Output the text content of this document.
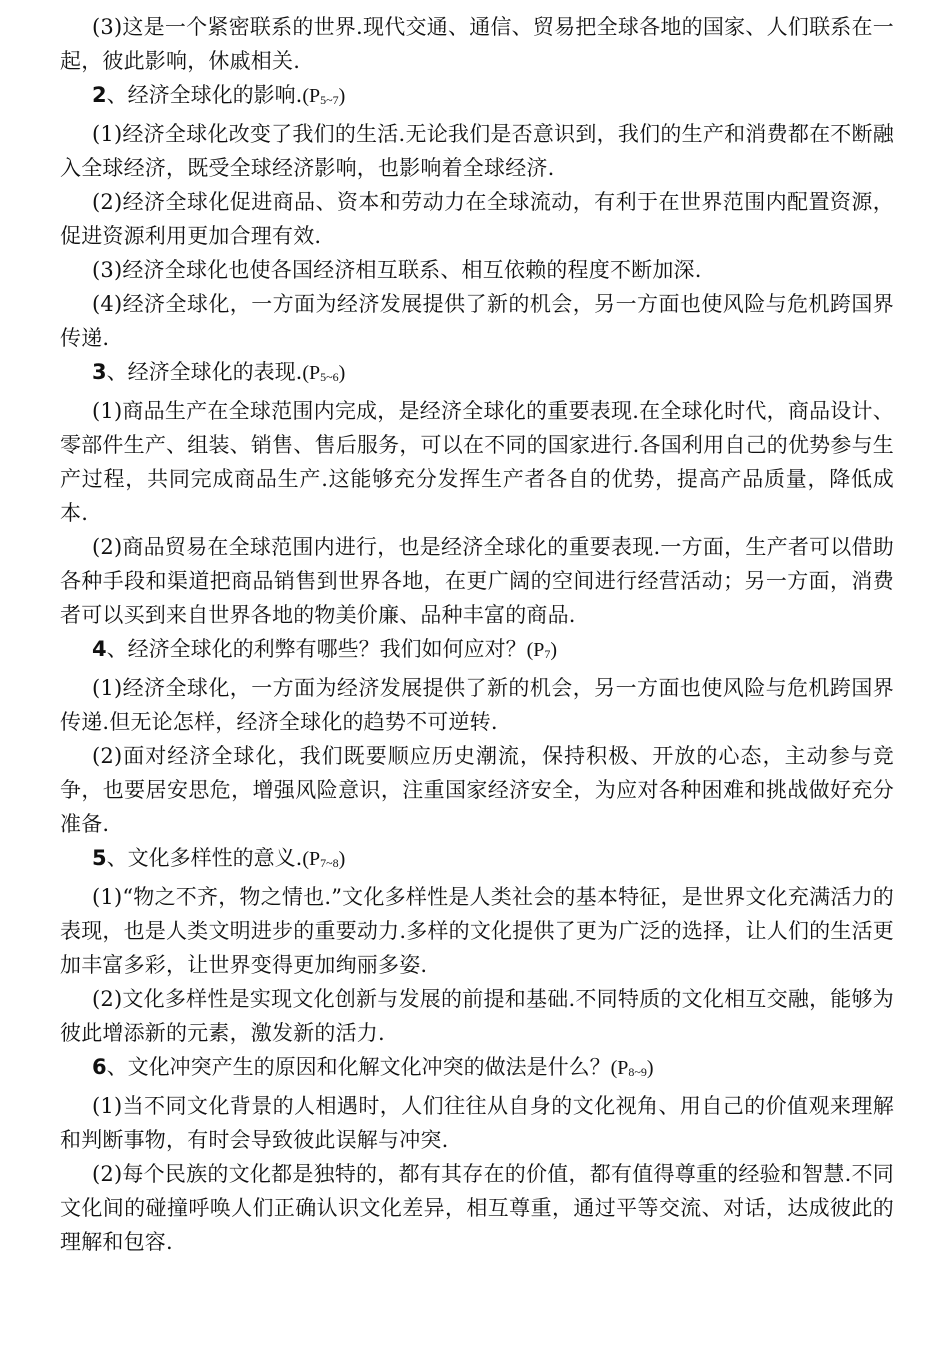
(3)这是一个紧密联系的世界.现代交通、通信、贸易把全球各地的国家、人们联系在一起，彼此影响，休戚相关.

2、经济全球化的影响$.(P_{5\sim 7})$

(1)经济全球化改变了我们的生活.无论我们是否意识到，我们的生产和消费都在不断融入全球经济，既受全球经济影响，也影响着全球经济.

(2)经济全球化促进商品、资本和劳动力在全球流动，有利于在世界范围内配置资源，促进资源利用更加合理有效.

(3)经济全球化也使各国经济相互联系、相互依赖的程度不断加深.

(4)经济全球化，一方面为经济发展提供了新的机会，另一方面也使风险与危机跨国界传递.

3、经济全球化的表现$.(P_{5\sim 6})$

(1)商品生产在全球范围内完成，是经济全球化的重要表现.在全球化时代，商品设计、零部件生产、组装、销售、售后服务，可以在不同的国家进行.各国利用自己的优势参与生产过程，共同完成商品生产.这能够充分发挥生产者各自的优势，提高产品质量，降低成本.

(2)商品贸易在全球范围内进行，也是经济全球化的重要表现.一方面，生产者可以借助各种手段和渠道把商品销售到世界各地，在更广阔的空间进行经营活动；另一方面，消费者可以买到来自世界各地的物美价廉、品种丰富的商品.

4、经济全球化的利弊有哪些？我们如何应对？$(P_7)$

(1)经济全球化，一方面为经济发展提供了新的机会，另一方面也使风险与危机跨国界传递.但无论怎样，经济全球化的趋势不可逆转.

(2)面对经济全球化，我们既要顺应历史潮流，保持积极、开放的心态，主动参与竞争，也要居安思危，增强风险意识，注重国家经济安全，为应对各种困难和挑战做好充分准备.

5、文化多样性的意义$.(P_{7\sim 8})$

(1)“物之不齐，物之情也.”文化多样性是人类社会的基本特征，是世界文化充满活力的表现，也是人类文明进步的重要动力.多样的文化提供了更为广泛的选择，让人们的生活更加丰富多彩，让世界变得更加绚丽多姿.

(2)文化多样性是实现文化创新与发展的前提和基础.不同特质的文化相互交融，能够为彼此增添新的元素，激发新的活力.

6、文化冲突产生的原因和化解文化冲突的做法是什么？$(P_{8\sim 9})$

(1)当不同文化背景的人相遇时，人们往往从自身的文化视角、用自己的价值观来理解和判断事物，有时会导致彼此误解与冲突.

(2)每个民族的文化都是独特的，都有其存在的价值，都有值得尊重的经验和智慧.不同文化间的碰撞呼唤人们正确认识文化差异，相互尊重，通过平等交流、对话，达成彼此的理解和包容.
